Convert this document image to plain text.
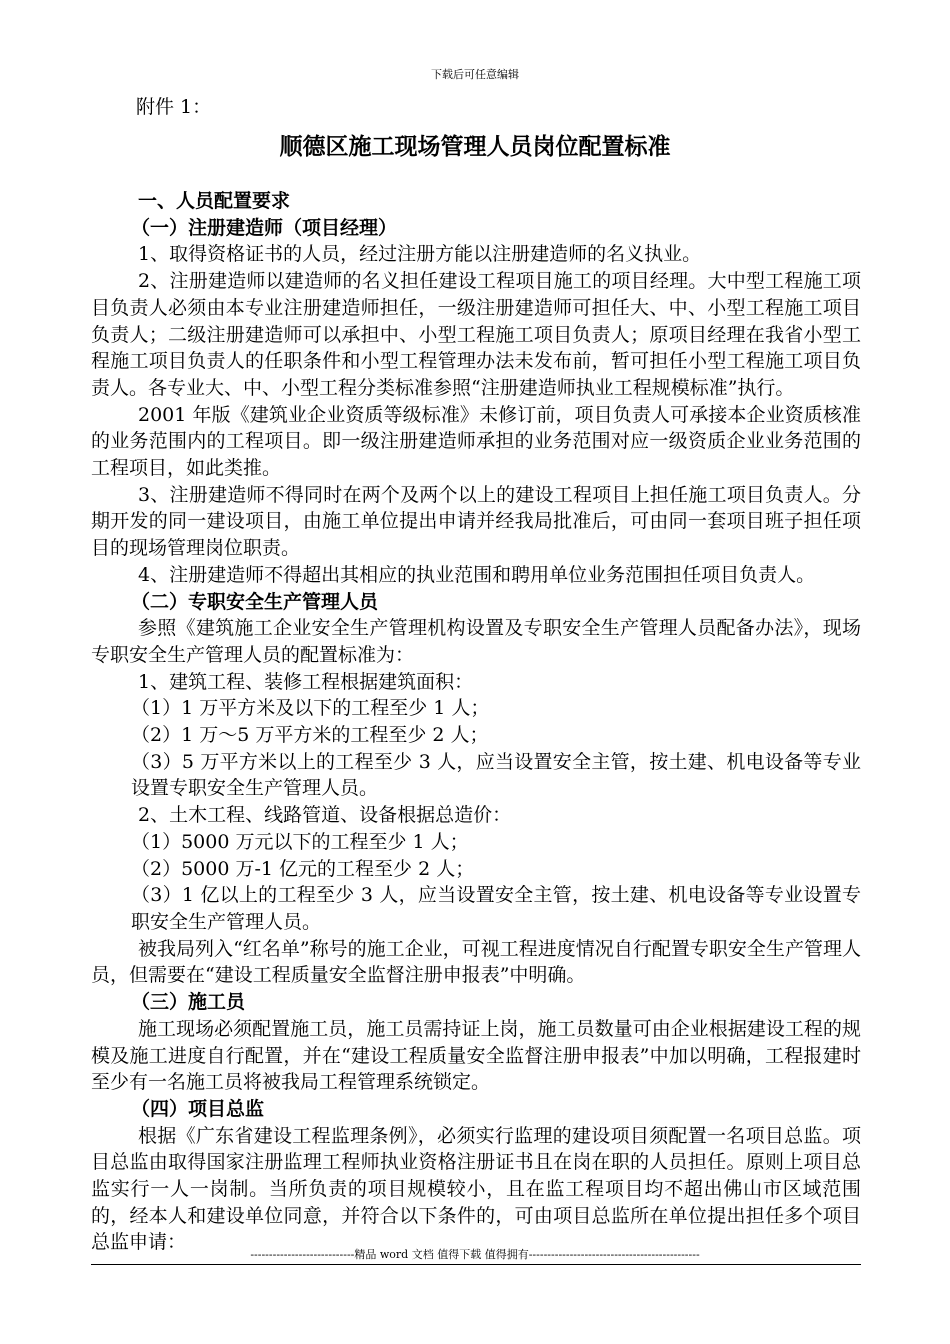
下载后可任意编辑
附件 1：
顺德区施工现场管理人员岗位配置标准

一、人员配置要求

（一）注册建造师（项目经理）

1、取得资格证书的人员，经过注册方能以注册建造师的名义执业。

2、注册建造师以建造师的名义担任建设工程项目施工的项目经理。大中型工程施工项目负责人必须由本专业注册建造师担任，一级注册建造师可担任大、中、小型工程施工项目负责人；二级注册建造师可以承担中、小型工程施工项目负责人；原项目经理在我省小型工程施工项目负责人的任职条件和小型工程管理办法未发布前，暂可担任小型工程施工项目负责人。各专业大、中、小型工程分类标准参照“注册建造师执业工程规模标准”执行。

2001 年版《建筑业企业资质等级标准》未修订前，项目负责人可承接本企业资质核准的业务范围内的工程项目。即一级注册建造师承担的业务范围对应一级资质企业业务范围的工程项目，如此类推。

3、注册建造师不得同时在两个及两个以上的建设工程项目上担任施工项目负责人。分期开发的同一建设项目，由施工单位提出申请并经我局批准后，可由同一套项目班子担任项目的现场管理岗位职责。

4、注册建造师不得超出其相应的执业范围和聘用单位业务范围担任项目负责人。

（二）专职安全生产管理人员

参照《建筑施工企业安全生产管理机构设置及专职安全生产管理人员配备办法》，现场专职安全生产管理人员的配置标准为：

1、建筑工程、装修工程根据建筑面积：

（1）1 万平方米及以下的工程至少 1 人；

（2）1 万～5 万平方米的工程至少 2 人；

（3）5 万平方米以上的工程至少 3 人，应当设置安全主管，按土建、机电设备等专业设置专职安全生产管理人员。

2、土木工程、线路管道、设备根据总造价：

（1）5000 万元以下的工程至少 1 人；

（2）5000 万-1 亿元的工程至少 2 人；

（3）1 亿以上的工程至少 3 人，应当设置安全主管，按土建、机电设备等专业设置专职安全生产管理人员。

被我局列入“红名单”称号的施工企业，可视工程进度情况自行配置专职安全生产管理人员，但需要在“建设工程质量安全监督注册申报表”中明确。

（三）施工员

施工现场必须配置施工员，施工员需持证上岗，施工员数量可由企业根据建设工程的规模及施工进度自行配置，并在“建设工程质量安全监督注册申报表”中加以明确，工程报建时至少有一名施工员将被我局工程管理系统锁定。

（四）项目总监

根据《广东省建设工程监理条例》，必须实行监理的建设项目须配置一名项目总监。项目总监由取得国家注册监理工程师执业资格注册证书且在岗在职的人员担任。原则上项目总监实行一人一岗制。当所负责的项目规模较小，且在监工程项目均不超出佛山市区域范围的，经本人和建设单位同意，并符合以下条件的，可由项目总监所在单位提出担任多个项目总监申请：

----------------------------精品 word 文档 值得下载 值得拥有----------------------------------------------
